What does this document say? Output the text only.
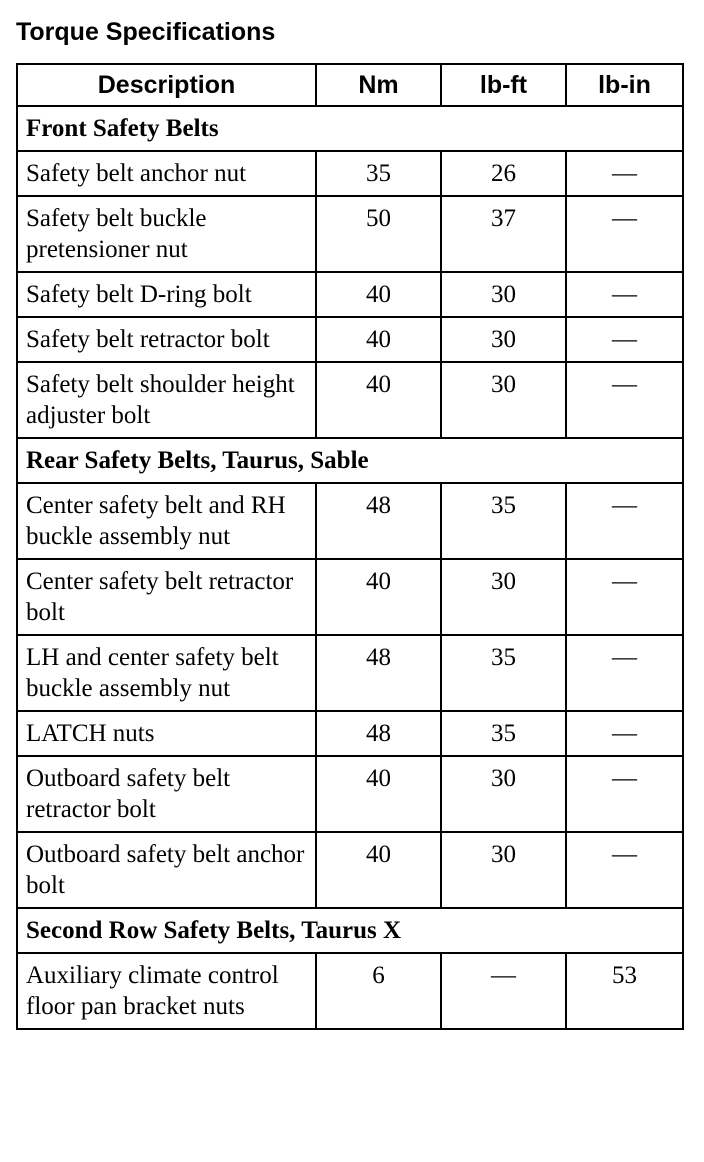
Torque Specifications
Description	Nm	lb-ft	lb-in
Front Safety Belts			
Safety belt anchor nut	35	26	—
Safety belt buckle pretensioner nut	50	37	—
Safety belt D-ring bolt	40	30	—
Safety belt retractor bolt	40	30	—
Safety belt shoulder height adjuster bolt	40	30	—
Rear Safety Belts, Taurus, Sable			
Center safety belt and RH buckle assembly nut	48	35	—
Center safety belt retractor bolt	40	30	—
LH and center safety belt buckle assembly nut	48	35	—
LATCH nuts	48	35	—
Outboard safety belt retractor bolt	40	30	—
Outboard safety belt anchor bolt	40	30	—
Second Row Safety Belts, Taurus X			
Auxiliary climate control floor pan bracket nuts	6	—	53
